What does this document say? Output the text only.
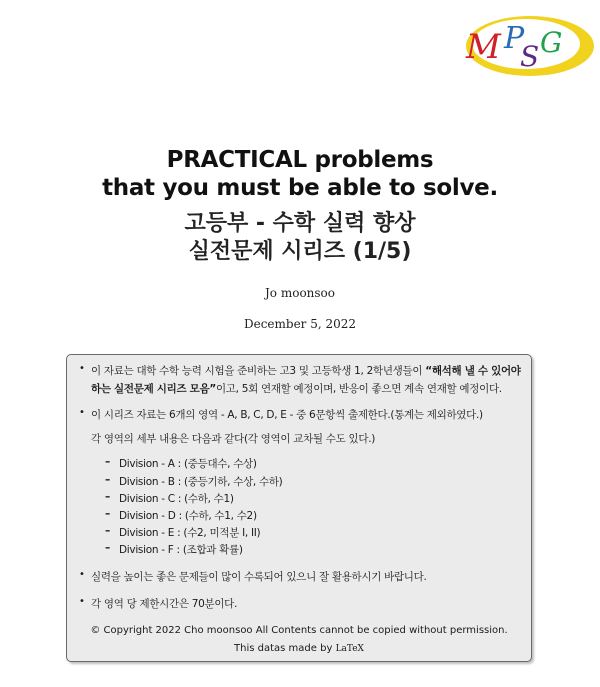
M P
S G
PRACTICAL problems
that you must be able to solve.
고등부 - 수학 실력 향상
실전문제 시리즈 (1/5)
Jo moonsoo
December 5, 2022
• 이 자료는 대학 수학 능력 시험을 준비하는 고3 및 고등학생 1, 2학년생들이 “해석해 낼 수 있어야
하는 실전문제 시리즈 모음”이고, 5회 연재할 예정이며, 반응이 좋으면 계속 연재할 예정이다.
• 이 시리즈 자료는 6개의 영역 - A, B, C, D, E - 중 6문항씩 출제한다.(통계는 제외하였다.)
각 영역의 세부 내용은 다음과 같다(각 영역이 교차될 수도 있다.)
– Division - A : (중등대수, 수상)
– Division - B : (중등기하, 수상, 수하)
– Division - C : (수하, 수1)
– Division - D : (수하, 수1, 수2)
– Division - E : (수2, 미적분 I, II)
– Division - F : (조합과 확률)
• 실력을 높이는 좋은 문제들이 많이 수록되어 있으니 잘 활용하시기 바랍니다.
• 각 영역 당 제한시간은 70분이다.
© Copyright 2022 Cho moonsoo All Contents cannot be copied without permission.
This datas made by LaTeX
